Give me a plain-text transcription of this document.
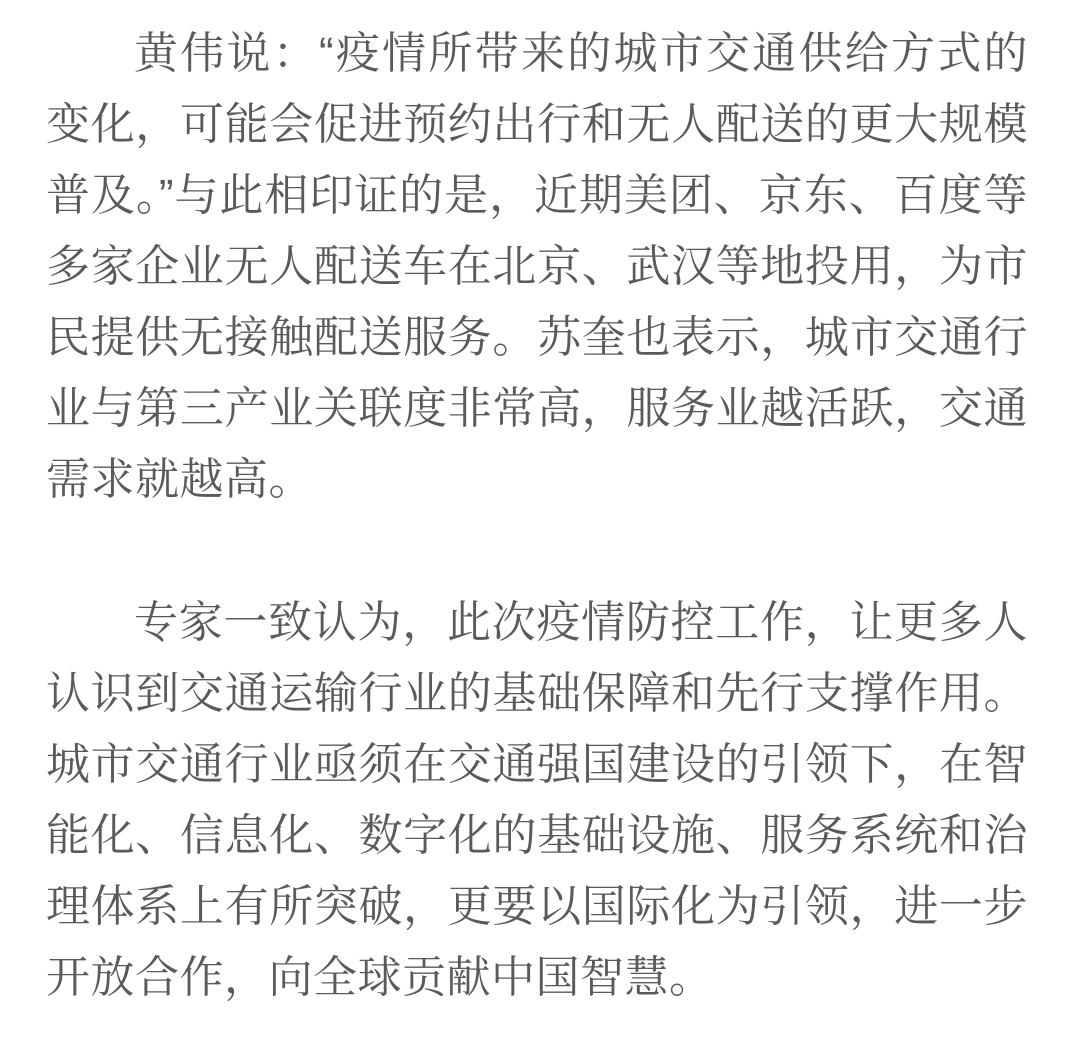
黄伟说：“疫情所带来的城市交通供给方式的变化，可能会促进预约出行和无人配送的更大规模普及。”与此相印证的是，近期美团、京东、百度等多家企业无人配送车在北京、武汉等地投用，为市民提供无接触配送服务。苏奎也表示，城市交通行业与第三产业关联度非常高，服务业越活跃，交通需求就越高。

专家一致认为，此次疫情防控工作，让更多人认识到交通运输行业的基础保障和先行支撑作用。城市交通行业亟须在交通强国建设的引领下，在智能化、信息化、数字化的基础设施、服务系统和治理体系上有所突破，更要以国际化为引领，进一步开放合作，向全球贡献中国智慧。
